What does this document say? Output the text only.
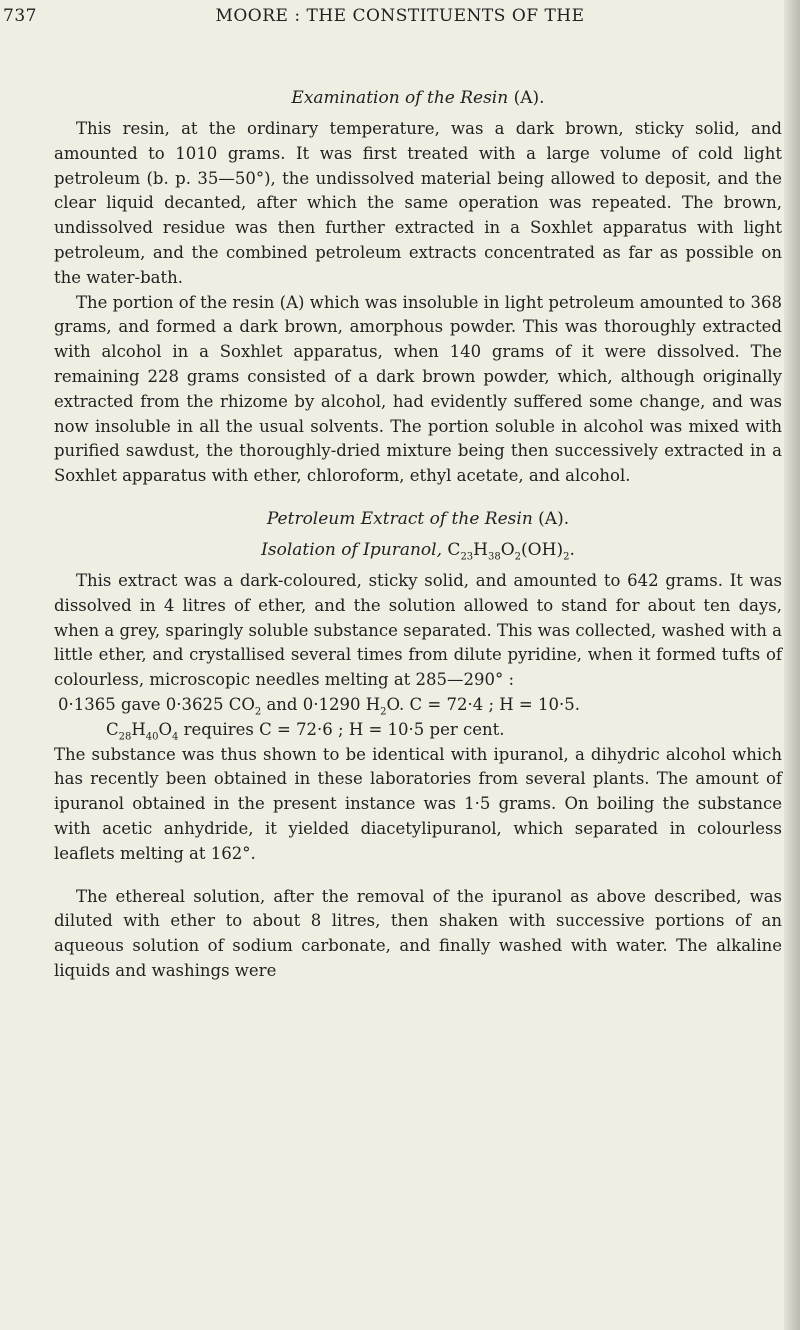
737	MOORE : THE CONSTITUENTS OF THE
Examination of the Resin (A).

This resin, at the ordinary temperature, was a dark brown, sticky solid, and amounted to 1010 grams. It was first treated with a large volume of cold light petroleum (b. p. 35—50°), the undissolved material being allowed to deposit, and the clear liquid decanted, after which the same operation was repeated. The brown, undissolved residue was then further extracted in a Soxhlet apparatus with light petroleum, and the combined petroleum extracts concentrated as far as possible on the water-bath.

The portion of the resin (A) which was insoluble in light petroleum amounted to 368 grams, and formed a dark brown, amorphous powder. This was thoroughly extracted with alcohol in a Soxhlet apparatus, when 140 grams of it were dissolved. The remaining 228 grams consisted of a dark brown powder, which, although originally extracted from the rhizome by alcohol, had evidently suffered some change, and was now insoluble in all the usual solvents. The portion soluble in alcohol was mixed with purified sawdust, the thoroughly-dried mixture being then successively extracted in a Soxhlet apparatus with ether, chloroform, ethyl acetate, and alcohol.

Petroleum Extract of the Resin (A).
Isolation of Ipuranol, $C_{23}H_{38}O_2(OH)_2$.

This extract was a dark-coloured, sticky solid, and amounted to 642 grams. It was dissolved in 4 litres of ether, and the solution allowed to stand for about ten days, when a grey, sparingly soluble substance separated. This was collected, washed with a little ether, and crystallised several times from dilute pyridine, when it formed tufts of colourless, microscopic needles melting at 285—290° :

0·1365 gave 0·3625 $CO_2$ and 0·1290 $H_2O$. C = 72·4 ; H = 10·5.
$C_{28}H_{40}O_4$ requires C = 72·6 ; H = 10·5 per cent.

The substance was thus shown to be identical with ipuranol, a dihydric alcohol which has recently been obtained in these laboratories from several plants. The amount of ipuranol obtained in the present instance was 1·5 grams. On boiling the substance with acetic anhydride, it yielded diacetylipuranol, which separated in colourless leaflets melting at 162°.

The ethereal solution, after the removal of the ipuranol as above described, was diluted with ether to about 8 litres, then shaken with successive portions of an aqueous solution of sodium carbonate, and finally washed with water. The alkaline liquids and washings were
